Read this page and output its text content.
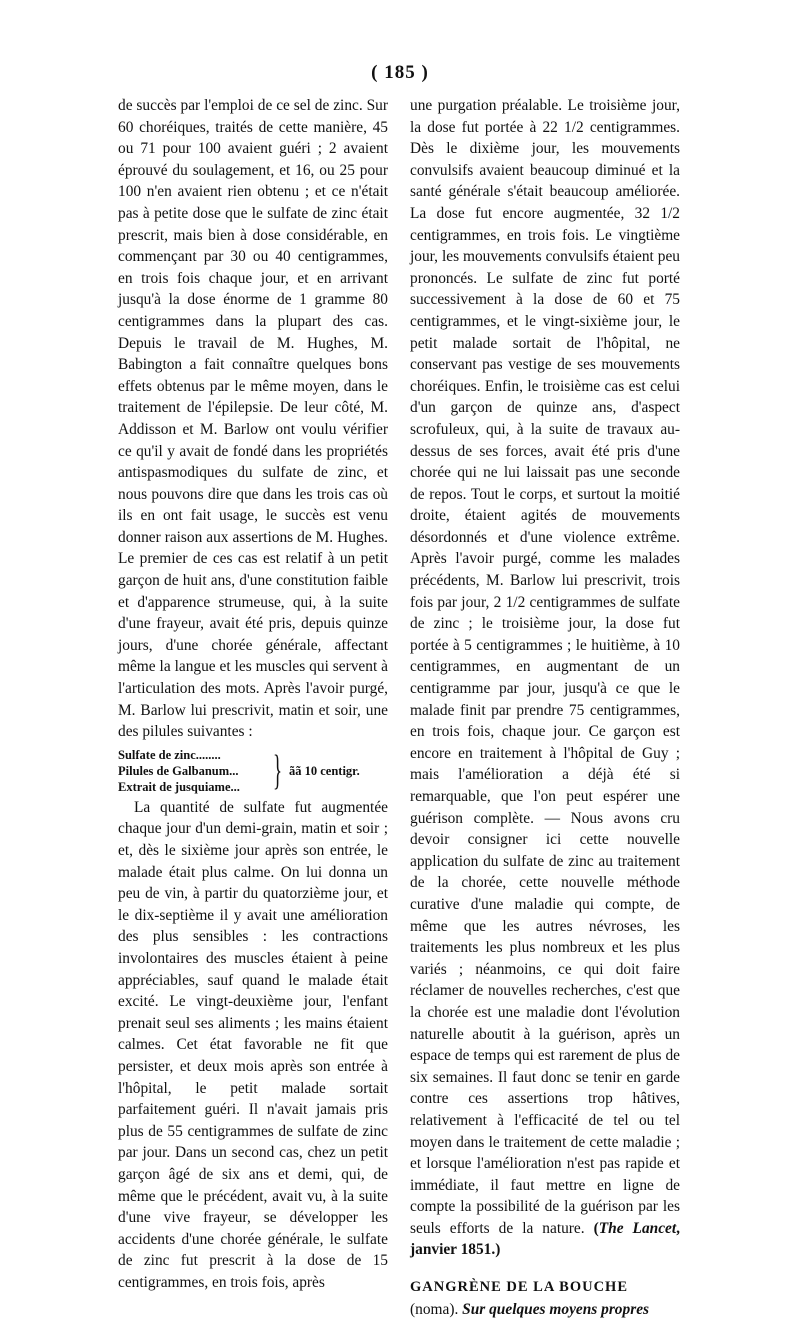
( 185 )

de succès par l'emploi de ce sel de zinc. Sur 60 choréiques, traités de cette manière, 45 ou 71 pour 100 avaient guéri ; 2 avaient éprouvé du soulagement, et 16, ou 25 pour 100 n'en avaient rien obtenu ; et ce n'était pas à petite dose que le sulfate de zinc était prescrit, mais bien à dose considérable, en commençant par 30 ou 40 centigrammes, en trois fois chaque jour, et en arrivant jusqu'à la dose énorme de 1 gramme 80 centigrammes dans la plupart des cas. Depuis le travail de M. Hughes, M. Babington a fait connaître quelques bons effets obtenus par le même moyen, dans le traitement de l'épilepsie. De leur côté, M. Addisson et M. Barlow ont voulu vérifier ce qu'il y avait de fondé dans les propriétés antispasmodiques du sulfate de zinc, et nous pouvons dire que dans les trois cas où ils en ont fait usage, le succès est venu donner raison aux assertions de M. Hughes. Le premier de ces cas est relatif à un petit garçon de huit ans, d'une constitution faible et d'apparence strumeuse, qui, à la suite d'une frayeur, avait été pris, depuis quinze jours, d'une chorée générale, affectant même la langue et les muscles qui servent à l'articulation des mots. Après l'avoir purgé, M. Barlow lui prescrivit, matin et soir, une des pilules suivantes :

Sulfate de zinc........
Pilules de Galbanum...
Extrait de jusquiame... } ãã 10 centigr.

La quantité de sulfate fut augmentée chaque jour d'un demi-grain, matin et soir ; et, dès le sixième jour après son entrée, le malade était plus calme. On lui donna un peu de vin, à partir du quatorzième jour, et le dix-septième il y avait une amélioration des plus sensibles : les contractions involontaires des muscles étaient à peine appréciables, sauf quand le malade était excité. Le vingt-deuxième jour, l'enfant prenait seul ses aliments ; les mains étaient calmes. Cet état favorable ne fit que persister, et deux mois après son entrée à l'hôpital, le petit malade sortait parfaitement guéri. Il n'avait jamais pris plus de 55 centigrammes de sulfate de zinc par jour. Dans un second cas, chez un petit garçon âgé de six ans et demi, qui, de même que le précédent, avait vu, à la suite d'une vive frayeur, se développer les accidents d'une chorée générale, le sulfate de zinc fut prescrit à la dose de 15 centigrammes, en trois fois, après

une purgation préalable. Le troisième jour, la dose fut portée à 22 1/2 centigrammes. Dès le dixième jour, les mouvements convulsifs avaient beaucoup diminué et la santé générale s'était beaucoup améliorée. La dose fut encore augmentée, 32 1/2 centigrammes, en trois fois. Le vingtième jour, les mouvements convulsifs étaient peu prononcés. Le sulfate de zinc fut porté successivement à la dose de 60 et 75 centigrammes, et le vingt-sixième jour, le petit malade sortait de l'hôpital, ne conservant pas vestige de ses mouvements choréiques. Enfin, le troisième cas est celui d'un garçon de quinze ans, d'aspect scrofuleux, qui, à la suite de travaux au-dessus de ses forces, avait été pris d'une chorée qui ne lui laissait pas une seconde de repos. Tout le corps, et surtout la moitié droite, étaient agités de mouvements désordonnés et d'une violence extrême. Après l'avoir purgé, comme les malades précédents, M. Barlow lui prescrivit, trois fois par jour, 2 1/2 centigrammes de sulfate de zinc ; le troisième jour, la dose fut portée à 5 centigrammes ; le huitième, à 10 centigrammes, en augmentant de un centigramme par jour, jusqu'à ce que le malade finit par prendre 75 centigrammes, en trois fois, chaque jour. Ce garçon est encore en traitement à l'hôpital de Guy ; mais l'amélioration a déjà été si remarquable, que l'on peut espérer une guérison complète. — Nous avons cru devoir consigner ici cette nouvelle application du sulfate de zinc au traitement de la chorée, cette nouvelle méthode curative d'une maladie qui compte, de même que les autres névroses, les traitements les plus nombreux et les plus variés ; néanmoins, ce qui doit faire réclamer de nouvelles recherches, c'est que la chorée est une maladie dont l'évolution naturelle aboutit à la guérison, après un espace de temps qui est rarement de plus de six semaines. Il faut donc se tenir en garde contre ces assertions trop hâtives, relativement à l'efficacité de tel ou tel moyen dans le traitement de cette maladie ; et lorsque l'amélioration n'est pas rapide et immédiate, il faut mettre en ligne de compte la possibilité de la guérison par les seuls efforts de la nature. (The Lancet, janvier 1851.)

GANGRÈNE DE LA BOUCHE

(noma). Sur quelques moyens propres
